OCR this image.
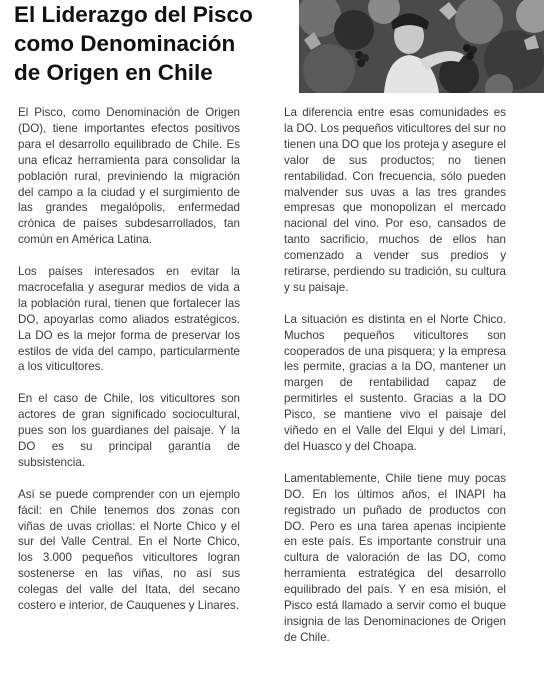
El Liderazgo del Pisco
como Denominación
de Origen en Chile

El Pisco, como Denominación de Origen (DO), tiene importantes efectos positivos para el desarrollo equilibrado de Chile. Es una eficaz herramienta para consolidar la población rural, previniendo la migración del campo a la ciudad y el surgimiento de las grandes megalópolis, enfermedad crónica de países subdesarrollados, tan común en América Latina.

Los países interesados en evitar la macrocefalia y asegurar medios de vida a la población rural, tienen que fortalecer las DO, apoyarlas como aliados estratégicos. La DO es la mejor forma de preservar los estilos de vida del campo, particularmente a los viticultores.

En el caso de Chile, los viticultores son actores de gran significado sociocultural, pues son los guardianes del paisaje. Y la DO es su principal garantía de subsistencia.

Así se puede comprender con un ejemplo fácil: en Chile tenemos dos zonas con viñas de uvas criollas: el Norte Chico y el sur del Valle Central. En el Norte Chico, los 3.000 pequeños viticultores logran sostenerse en las viñas, no así sus colegas del valle del Itata, del secano costero e interior, de Cauquenes y Linares.

La diferencia entre esas comunidades es la DO. Los pequeños viticultores del sur no tienen una DO que los proteja y asegure el valor de sus productos; no tienen rentabilidad. Con frecuencia, sólo pueden malvender sus uvas a las tres grandes empresas que monopolizan el mercado nacional del vino. Por eso, cansados de tanto sacrificio, muchos de ellos han comenzado a vender sus predios y retirarse, perdiendo su tradición, su cultura y su paisaje.

La situación es distinta en el Norte Chico. Muchos pequeños viticultores son cooperados de una pisquera; y la empresa les permite, gracias a la DO, mantener un margen de rentabilidad capaz de permitirles el sustento. Gracias a la DO Pisco, se mantiene vivo el paisaje del viñedo en el Valle del Elqui y del Limarí, del Huasco y del Choapa.

Lamentablemente, Chile tiene muy pocas DO. En los últimos años, el INAPI ha registrado un puñado de productos con DO. Pero es una tarea apenas incipiente en este país. Es importante construir una cultura de valoración de las DO, como herramienta estratégica del desarrollo equilibrado del país. Y en esa misión, el Pisco está llamado a servir como el buque insignia de las Denominaciones de Origen de Chile.
